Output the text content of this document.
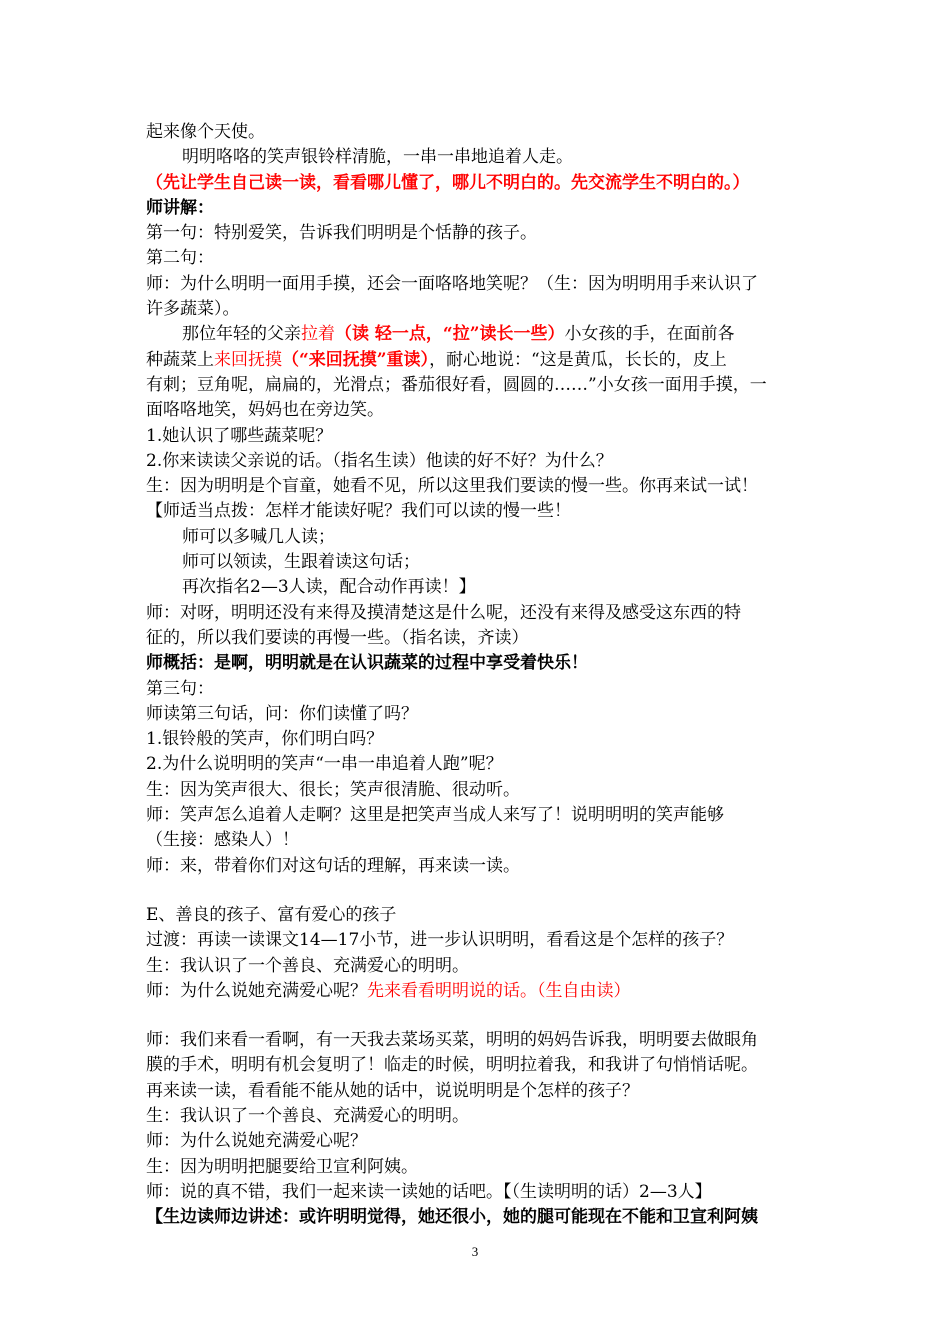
起来像个天使。
明明咯咯的笑声银铃样清脆，一串一串地追着人走。
（先让学生自己读一读，看看哪儿懂了，哪儿不明白的。先交流学生不明白的。）
师讲解：
第一句：特别爱笑，告诉我们明明是个恬静的孩子。
第二句：
师：为什么明明一面用手摸，还会一面咯咯地笑呢？（生：因为明明用手来认识了
许多蔬菜）。
那位年轻的父亲拉着（读 轻一点，“拉”读长一些）小女孩的手，在面前各
种蔬菜上来回抚摸（“来回抚摸”重读），耐心地说：“这是黄瓜，长长的，皮上
有刺；豆角呢，扁扁的，光滑点；番茄很好看，圆圆的……”小女孩一面用手摸，一
面咯咯地笑，妈妈也在旁边笑。
1.她认识了哪些蔬菜呢？
2.你来读读父亲说的话。（指名生读）他读的好不好？为什么？
生：因为明明是个盲童，她看不见，所以这里我们要读的慢一些。你再来试一试！
【师适当点拨：怎样才能读好呢？我们可以读的慢一些！
师可以多喊几人读；
师可以领读，生跟着读这句话；
再次指名2—3人读，配合动作再读！】
师：对呀，明明还没有来得及摸清楚这是什么呢，还没有来得及感受这东西的特
征的，所以我们要读的再慢一些。（指名读，齐读）
师概括：是啊，明明就是在认识蔬菜的过程中享受着快乐！
第三句：
师读第三句话，问：你们读懂了吗？
1.银铃般的笑声，你们明白吗？
2.为什么说明明的笑声“一串一串追着人跑”呢？
生：因为笑声很大、很长；笑声很清脆、很动听。
师：笑声怎么追着人走啊？这里是把笑声当成人来写了！说明明明的笑声能够
（生接：感染人）！
师：来，带着你们对这句话的理解，再来读一读。
E、善良的孩子、富有爱心的孩子
过渡：再读一读课文14—17小节，进一步认识明明，看看这是个怎样的孩子？
生：我认识了一个善良、充满爱心的明明。
师：为什么说她充满爱心呢？先来看看明明说的话。（生自由读）
师：我们来看一看啊，有一天我去菜场买菜，明明的妈妈告诉我，明明要去做眼角
膜的手术，明明有机会复明了！临走的时候，明明拉着我，和我讲了句悄悄话呢。
再来读一读，看看能不能从她的话中，说说明明是个怎样的孩子？
生：我认识了一个善良、充满爱心的明明。
师：为什么说她充满爱心呢？
生：因为明明把腿要给卫宣利阿姨。
师：说的真不错，我们一起来读一读她的话吧。【（生读明明的话）2—3人】
【生边读师边讲述：或许明明觉得，她还很小，她的腿可能现在不能和卫宣利阿姨
3
